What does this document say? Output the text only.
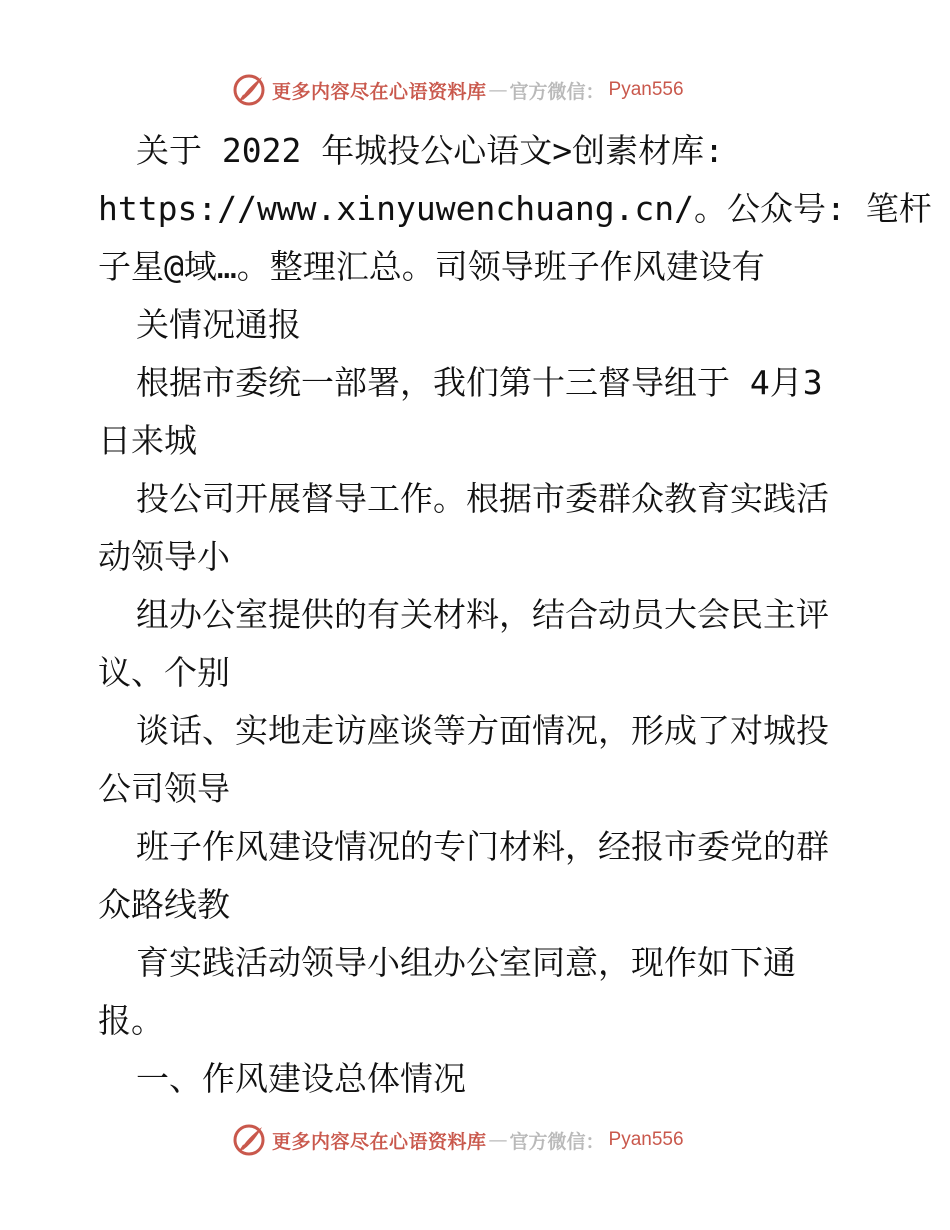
更多内容尽在心语资料库 — 官方微信： Pyan556
关于 2022 年城投公心语文>创素材库:
https://www.xinyuwenchuang.cn/。公众号: 笔杆
子星@域…。整理汇总。司领导班子作风建设有
关情况通报
根据市委统一部署，我们第十三督导组于 4月3
日来城
投公司开展督导工作。根据市委群众教育实践活
动领导小
组办公室提供的有关材料，结合动员大会民主评
议、个别
谈话、实地走访座谈等方面情况，形成了对城投
公司领导
班子作风建设情况的专门材料，经报市委党的群
众路线教
育实践活动领导小组办公室同意，现作如下通
报。
一、作风建设总体情况
更多内容尽在心语资料库 — 官方微信： Pyan556
